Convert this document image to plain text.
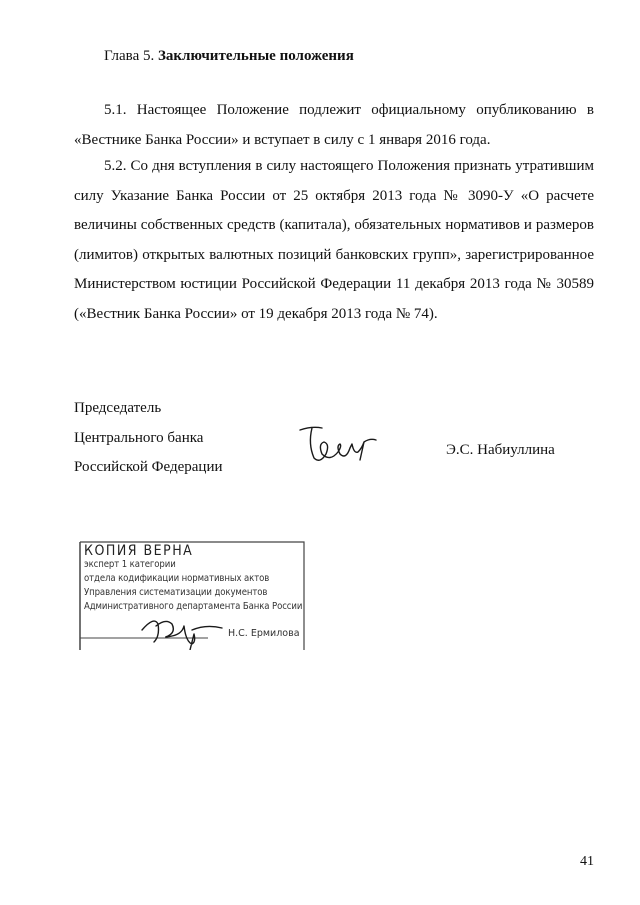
Глава 5. Заключительные положения
5.1. Настоящее Положение подлежит официальному опубликованию в «Вестнике Банка России» и вступает в силу с 1 января 2016 года.
5.2. Со дня вступления в силу настоящего Положения признать утратившим силу Указание Банка России от 25 октября 2013 года № 3090-У «О расчете величины собственных средств (капитала), обязательных нормативов и размеров (лимитов) открытых валютных позиций банковских групп», зарегистрированное Министерством юстиции Российской Федерации 11 декабря 2013 года № 30589 («Вестник Банка России» от 19 декабря 2013 года № 74).
Председатель
Центрального банка
Российской Федерации
Э.С. Набиуллина
КОПИЯ ВЕРНА
эксперт 1 категории
отдела кодификации нормативных актов
Управления систематизации документов
Административного департамента Банка России
Н.С. Ермилова
41
